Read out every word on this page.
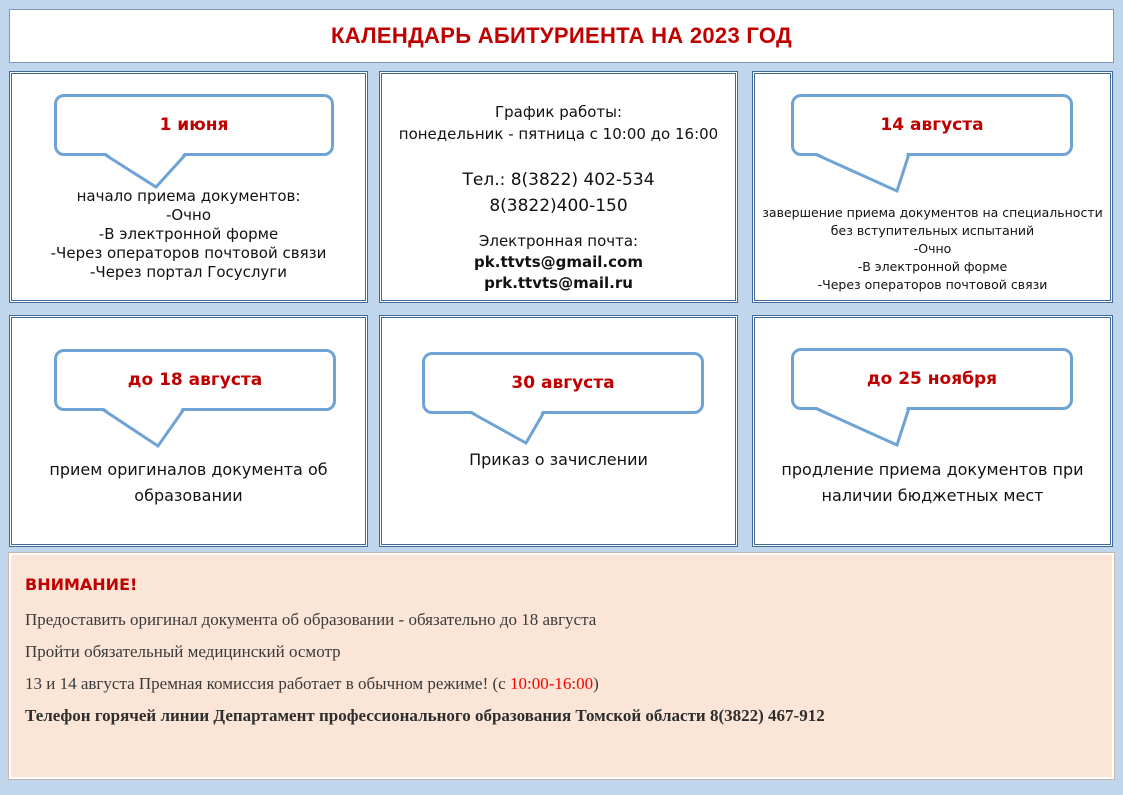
КАЛЕНДАРЬ АБИТУРИЕНТА НА 2023 ГОД
1 июня
начало приема документов:
-Очно
-В электронной форме
-Через операторов почтовой связи
-Через портал Госуслуги
График работы:
понедельник - пятница с 10:00 до 16:00
Тел.: 8(3822) 402-534
8(3822)400-150
Электронная почта:
pk.ttvts@gmail.com
prk.ttvts@mail.ru
14 августа
завершение приема документов на специальности
без вступительных испытаний
-Очно
-В электронной форме
-Через операторов почтовой связи
до 18 августа
прием оригиналов документа об
образовании
30 августа
Приказ о зачислении
до 25 ноября
продление приема документов при
наличии бюджетных мест
ВНИМАНИЕ!
Предоставить оригинал документа об образовании - обязательно до 18 августа
Пройти обязательный медицинский осмотр
13 и 14 августа Премная комиссия работает в обычном режиме! (с 10:00-16:00)
Телефон горячей линии Департамент профессионального образования Томской области 8(3822) 467-912
